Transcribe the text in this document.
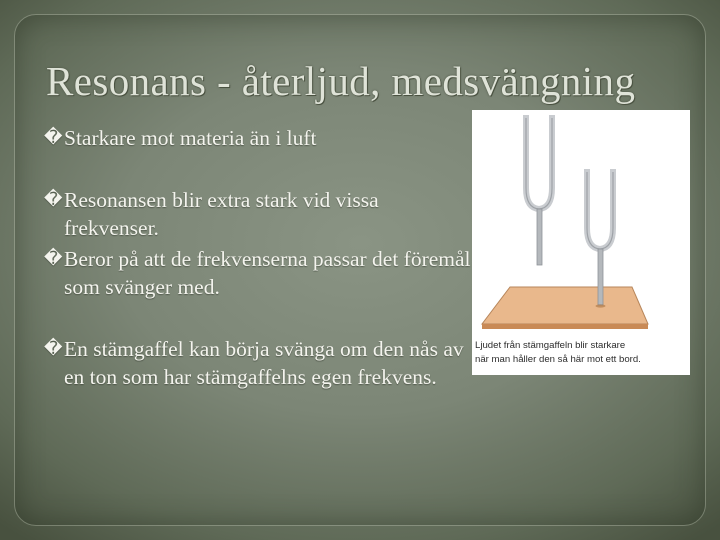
Resonans - återljud, medsvängning
� Starkare mot materia än i luft
� Resonansen blir extra stark vid vissa frekvenser.
� Beror på att de frekvenserna passar det föremål som svänger med.
� En stämgaffel kan börja svänga om den nås av en ton som har stämgaffelns egen frekvens.
Ljudet från stämgaffeln blir starkare
när man håller den så här mot ett bord.
